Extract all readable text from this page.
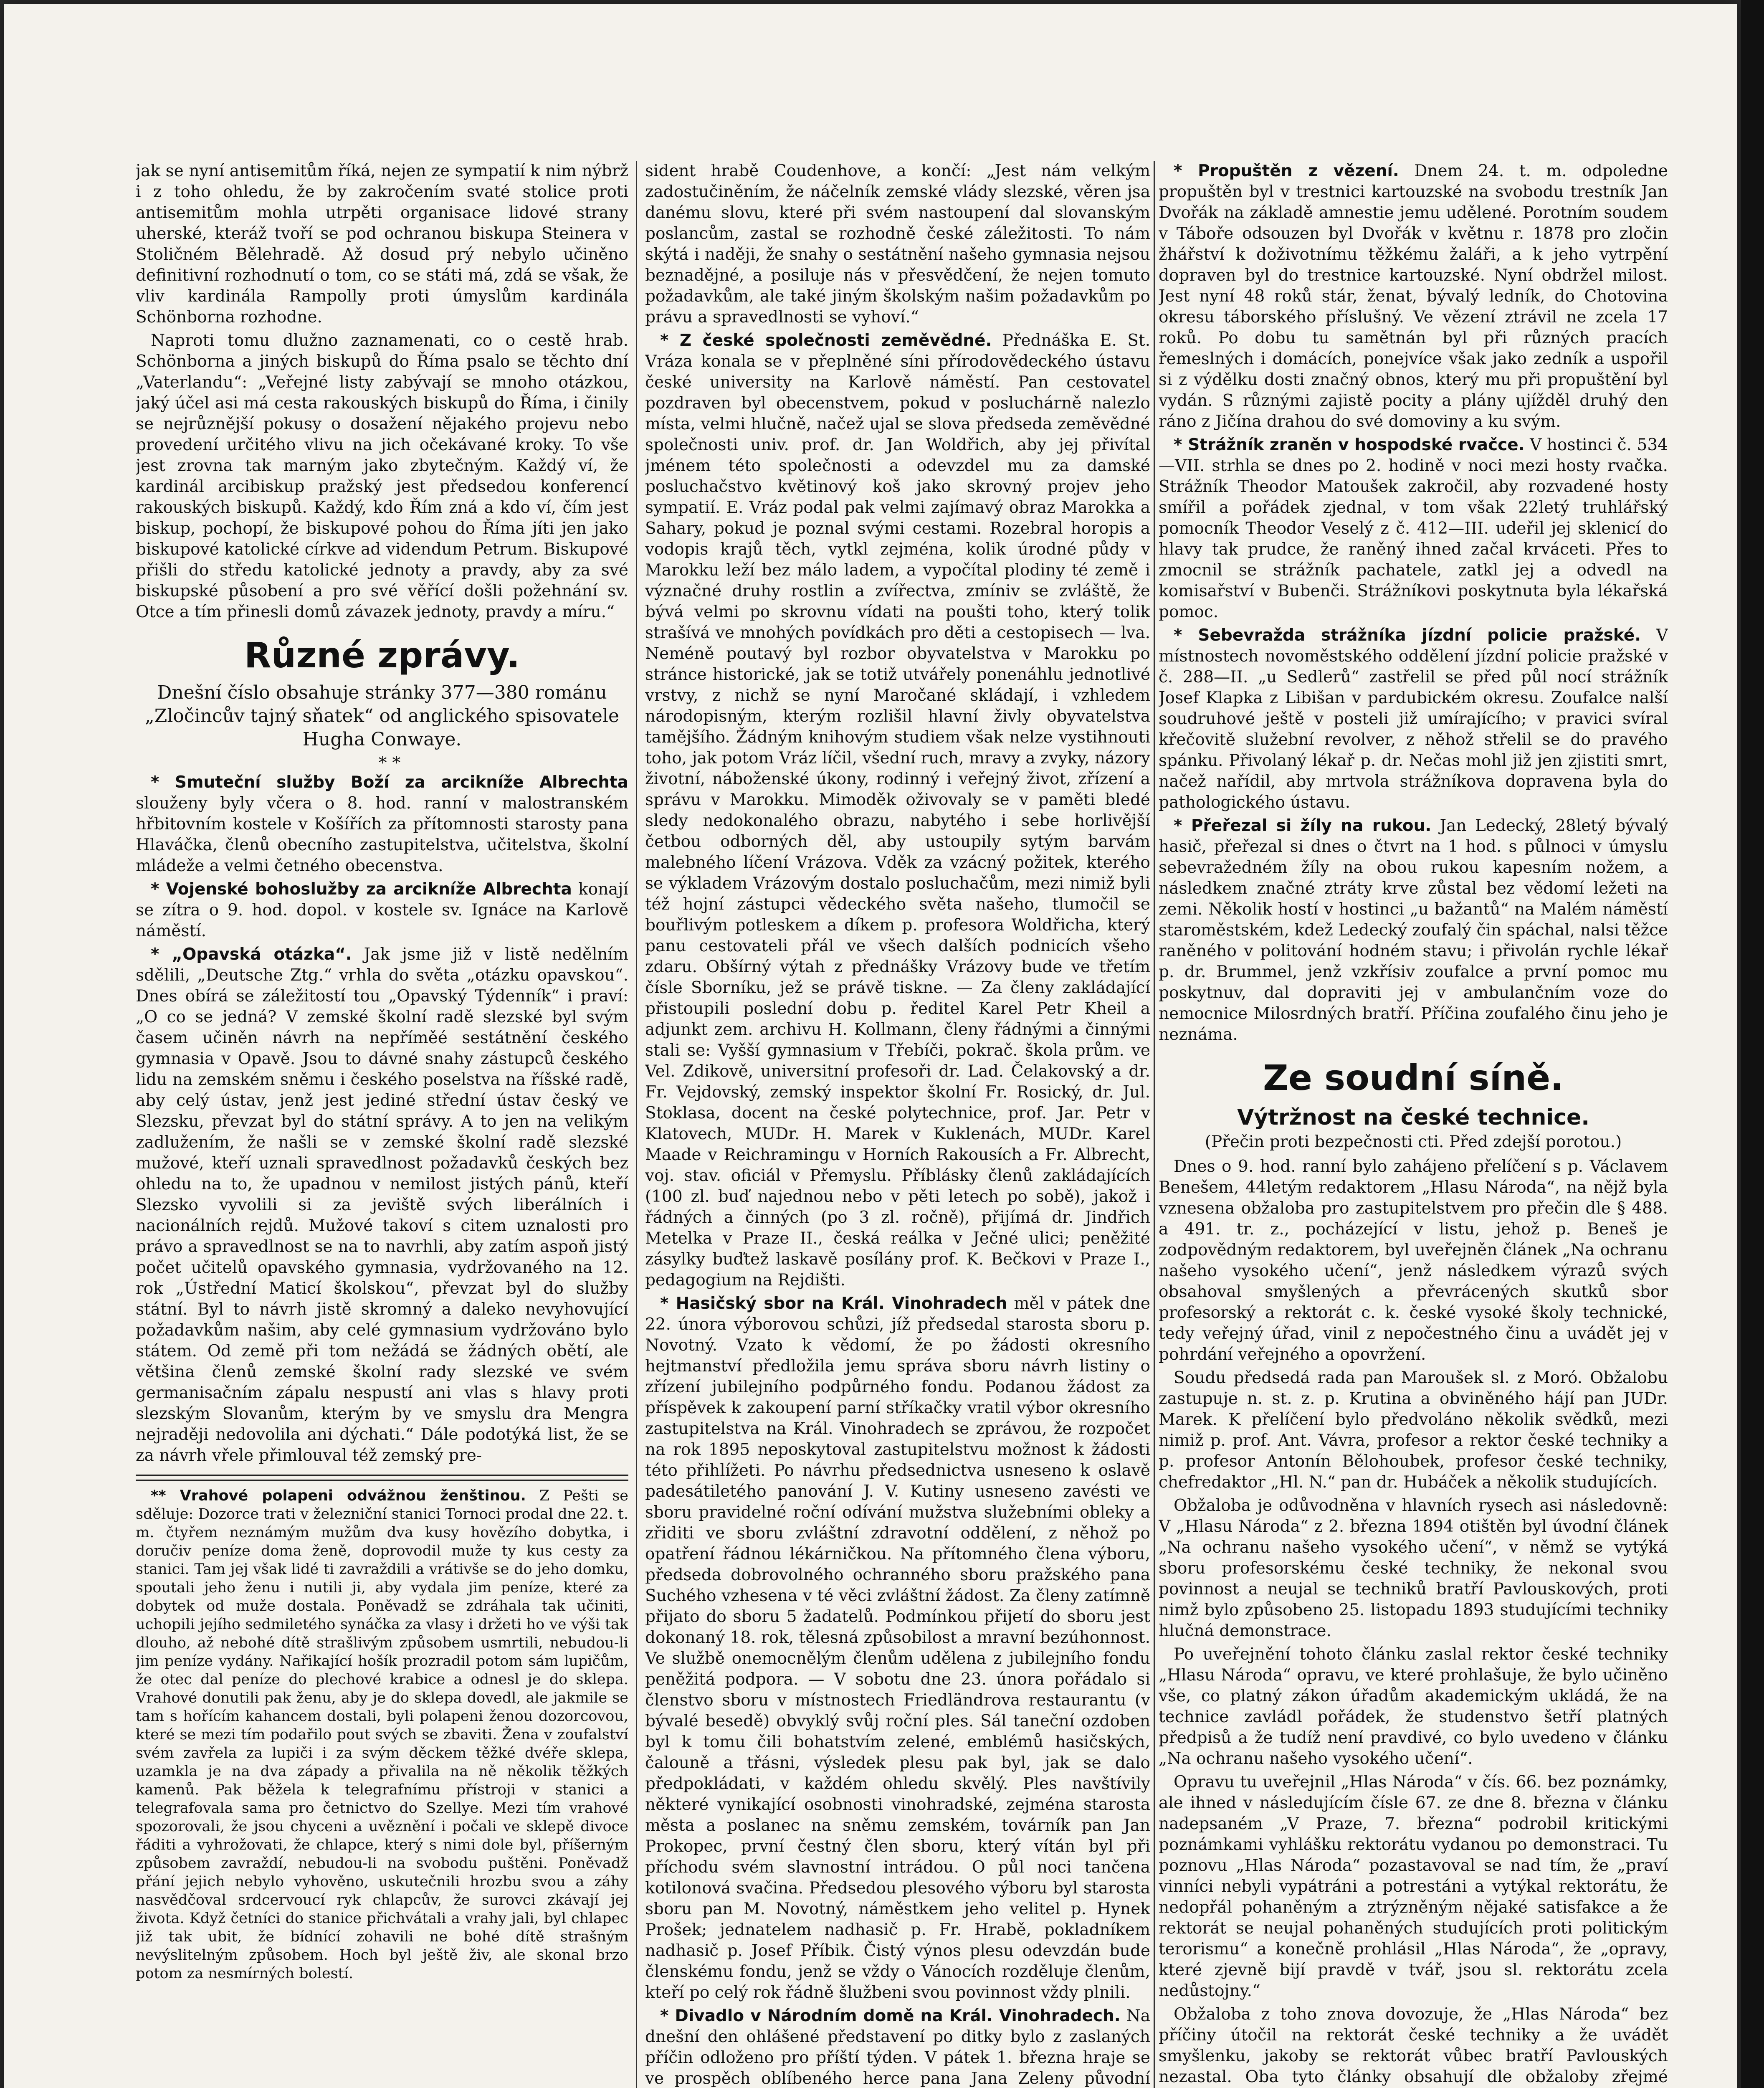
jak se nyní antisemitům říká, nejen ze sympatií k nim nýbrž i z toho ohledu, že by zakročením svaté stolice proti antisemitům mohla utrpěti organisace lidové strany uherské, kteráž tvoří se pod ochranou biskupa Steinera v Stoličném Bělehradě. Až dosud prý nebylo učiněno definitivní rozhodnutí o tom, co se státi má, zdá se však, že vliv kardinála Rampolly proti úmyslům kardinála Schönborna rozhodne.

Naproti tomu dlužno zaznamenati, co o cestě hrab. Schönborna a jiných biskupů do Říma psalo se těchto dní „Vaterlandu“: „Veřejné listy zabývají se mnoho otázkou, jaký účel asi má cesta rakouských biskupů do Říma, i činily se nejrůznější pokusy o dosažení nějakého projevu nebo provedení určitého vlivu na jich očekávané kroky. To vše jest zrovna tak marným jako zbytečným. Každý ví, že kardinál arcibiskup pražský jest předsedou konferencí rakouských biskupů. Každý, kdo Řím zná a kdo ví, čím jest biskup, pochopí, že biskupové pohou do Říma jíti jen jako biskupové katolické církve ad videndum Petrum. Biskupové přišli do středu katolické jednoty a pravdy, aby za své biskupské působení a pro své věřící došli požehnání sv. Otce a tím přinesli domů závazek jednoty, pravdy a míru.“

Různé zprávy.

Dnešní číslo obsahuje stránky 377—380 románu „Zločincův tajný sňatek“ od anglického spisovatele Hugha Conwaye.

* *

* Smuteční služby Boží za arcikníže Albrechta slouženy byly včera o 8. hod. ranní v malostranském hřbitovním kostele v Košířích za přítomnosti starosty pana Hlaváčka, členů obecního zastupitelstva, učitelstva, školní mládeže a velmi četného obecenstva.

* Vojenské bohoslužby za arcikníže Albrechta konají se zítra o 9. hod. dopol. v kostele sv. Ignáce na Karlově náměstí.

* „Opavská otázka“. Jak jsme již v listě nedělním sdělili, „Deutsche Ztg.“ vrhla do světa „otázku opavskou“. Dnes obírá se záležitostí tou „Opavský Týdenník“ i praví: „O co se jedná? V zemské školní radě slezské byl svým časem učiněn návrh na nepříměé sestátnění českého gymnasia v Opavě. Jsou to dávné snahy zástupců českého lidu na zemském sněmu i českého poselstva na říšské radě, aby celý ústav, jenž jest jediné střední ústav český ve Slezsku, převzat byl do státní správy. A to jen na velikým zadlužením, že našli se v zemské školní radě slezské mužové, kteří uznali spravedlnost požadavků českých bez ohledu na to, že upadnou v nemilost jistých pánů, kteří Slezsko vyvolili si za jeviště svých liberálních i nacionálních rejdů. Mužové takoví s citem uznalosti pro právo a spravedlnost se na to navrhli, aby zatím aspoň jistý počet učitelů opavského gymnasia, vydržovaného na 12. rok „Ústřední Maticí školskou“, převzat byl do služby státní. Byl to návrh jistě skromný a daleko nevyhovující požadavkům našim, aby celé gymnasium vydržováno bylo státem. Od země při tom nežádá se žádných obětí, ale většina členů zemské školní rady slezské ve svém germanisačním zápalu nespustí ani vlas s hlavy proti slezským Slovanům, kterým by ve smyslu dra Mengra nejraději nedovolila ani dýchati.“ Dále podotýká list, že se za návrh vřele přimlouval též zemský pre-

** Vrahové polapeni odvážnou ženštinou. Z Pešti se sděluje: Dozorce trati v železniční stanici Tornoci prodal dne 22. t. m. čtyřem neznámým mužům dva kusy hovězího dobytka, i doručiv peníze doma ženě, doprovodil muže ty kus cesty za stanici. Tam jej však lidé ti zavraždili a vrátivše se do jeho domku, spoutali jeho ženu i nutili ji, aby vydala jim peníze, které za dobytek od muže dostala. Poněvadž se zdráhala tak učiniti, uchopili jejího sedmiletého synáčka za vlasy i držeti ho ve výši tak dlouho, až nebohé dítě strašlivým způsobem usmrtili, nebudou-li jim peníze vydány. Nařikající hošík prozradil potom sám lupičům, že otec dal peníze do plechové krabice a odnesl je do sklepa. Vrahové donutili pak ženu, aby je do sklepa dovedl, ale jakmile se tam s hořícím kahancem dostali, byli polapeni ženou dozorcovou, které se mezi tím podařilo pout svých se zbaviti. Žena v zoufalství svém zavřela za lupiči i za svým děckem těžké dvéře sklepa, uzamkla je na dva západy a přivalila na ně několik těžkých kamenů. Pak běžela k telegrafnímu přístroji v stanici a telegrafovala sama pro četnictvo do Szellye. Mezi tím vrahové spozorovali, že jsou chyceni a uvěznění i počali ve sklepě divoce řáditi a vyhrožovati, že chlapce, který s nimi dole byl, příšerným způsobem zavraždí, nebudou-li na svobodu puštěni. Poněvadž přání jejich nebylo vyhověno, uskutečnili hrozbu svou a záhy nasvědčoval srdcervoucí ryk chlapcův, že surovci zkávají jej života. Když četníci do stanice přichvátali a vrahy jali, byl chlapec již tak ubit, že bídnící zohavili ne bohé dítě strašným nevýslitelným způsobem. Hoch byl ještě živ, ale skonal brzo potom za nesmírných bolestí.

sident hrabě Coudenhove, a končí: „Jest nám velkým zadostučiněním, že náčelník zemské vlády slezské, věren jsa danému slovu, které při svém nastoupení dal slovanským poslancům, zastal se rozhodně české záležitosti. To nám skýtá i naději, že snahy o sestátnění našeho gymnasia nejsou beznadějné, a posiluje nás v přesvědčení, že nejen tomuto požadavkům, ale také jiným školským našim požadavkům po právu a spravedlnosti se vyhoví.“

* Z české společnosti zeměvědné. Přednáška E. St. Vráza konala se v přeplněné síni přírodovědeckého ústavu české university na Karlově náměstí. Pan cestovatel pozdraven byl obecenstvem, pokud v posluchárně nalezlo místa, velmi hlučně, načež ujal se slova předseda zeměvědné společnosti univ. prof. dr. Jan Woldřich, aby jej přivítal jménem této společnosti a odevzdel mu za damské posluchačstvo květinový koš jako skrovný projev jeho sympatií. E. Vráz podal pak velmi zajímavý obraz Marokka a Sahary, pokud je poznal svými cestami. Rozebral horopis a vodopis krajů těch, vytkl zejména, kolik úrodné půdy v Marokku leží bez málo ladem, a vypočítal plodiny té země i význačné druhy rostlin a zvířectva, zmíniv se zvláště, že bývá velmi po skrovnu vídati na poušti toho, který tolik strašívá ve mnohých povídkách pro děti a cestopisech — lva. Neméně poutavý byl rozbor obyvatelstva v Marokku po stránce historické, jak se totiž utvářely ponenáhlu jednotlivé vrstvy, z nichž se nyní Maročané skládají, i vzhledem národopisným, kterým rozlišil hlavní živly obyvatelstva tamějšího. Žádným knihovým studiem však nelze vystihnouti toho, jak potom Vráz líčil, všední ruch, mravy a zvyky, názory životní, náboženské úkony, rodinný i veřejný život, zřízení a správu v Marokku. Mimoděk oživovaly se v paměti bledé sledy nedokonalého obrazu, nabytého i sebe horlivější četbou odborných děl, aby ustoupily sytým barvám malebného líčení Vrázova. Vděk za vzácný požitek, kterého se výkladem Vrázovým dostalo posluchačům, mezi nimiž byli též hojní zástupci vědeckého světa našeho, tlumočil se bouřlivým potleskem a díkem p. profesora Woldřicha, který panu cestovateli přál ve všech dalších podnicích všeho zdaru. Obšírný výtah z přednášky Vrázovy bude ve třetím čísle Sborníku, jež se právě tiskne. — Za členy zakládající přistoupili poslední dobu p. ředitel Karel Petr Kheil a adjunkt zem. archivu H. Kollmann, členy řádnými a činnými stali se: Vyšší gymnasium v Třebíči, pokrač. škola prům. ve Vel. Zdikově, universitní profesoři dr. Lad. Čelakovský a dr. Fr. Vejdovský, zemský inspektor školní Fr. Rosický, dr. Jul. Stoklasa, docent na české polytechnice, prof. Jar. Petr v Klatovech, MUDr. H. Marek v Kuklenách, MUDr. Karel Maade v Reichramingu v Horních Rakousích a Fr. Albrecht, voj. stav. oficiál v Přemyslu. Příblásky členů zakládajících (100 zl. buď najednou nebo v pěti letech po sobě), jakož i řádných a činných (po 3 zl. ročně), přijímá dr. Jindřich Metelka v Praze II., česká reálka v Ječné ulici; peněžité zásylky buďtež laskavě posílány prof. K. Bečkovi v Praze I., pedagogium na Rejdišti.

* Hasičský sbor na Král. Vinohradech měl v pátek dne 22. února výborovou schůzi, jíž předsedal starosta sboru p. Novotný. Vzato k vědomí, že po žádosti okresního hejtmanství předložila jemu správa sboru návrh listiny o zřízení jubilejního podpůrného fondu. Podanou žádost za příspěvek k zakoupení parní stříkačky vratil výbor okresního zastupitelstva na Král. Vinohradech se zprávou, že rozpočet na rok 1895 neposkytoval zastupitelstvu možnost k žádosti této přihlížeti. Po návrhu předsednictva usneseno k oslavě padesátiletého panování J. V. Kutiny usneseno zavésti ve sboru pravidelné roční odívání mužstva služebními obleky a zřiditi ve sboru zvláštní zdravotní oddělení, z něhož po opatření řádnou lékárničkou. Na přítomného člena výboru, předseda dobrovolného ochranného sboru pražského pana Suchého vzhesena v té věci zvláštní žádost. Za členy zatímně přijato do sboru 5 žadatelů. Podmínkou přijetí do sboru jest dokonaný 18. rok, tělesná způsobilost a mravní bezúhonnost. Ve službě onemocnělým členům udělena z jubilejního fondu peněžitá podpora. — V sobotu dne 23. února pořádalo si členstvo sboru v místnostech Friedländrova restaurantu (v bývalé besedě) obvyklý svůj roční ples. Sál taneční ozdoben byl k tomu čili bohatstvím zelené, emblémů hasičských, čalouně a třásni, výsledek plesu pak byl, jak se dalo předpokládati, v každém ohledu skvělý. Ples navštívily některé vynikající osobnosti vinohradské, zejména starosta města a poslanec na sněmu zemském, továrník pan Jan Prokopec, první čestný člen sboru, který vítán byl při příchodu svém slavnostní intrádou. O půl noci tančena kotilonová svačina. Předsedou plesového výboru byl starosta sboru pan M. Novotný, náměstkem jeho velitel p. Hynek Prošek; jednatelem nadhasič p. Fr. Hrabě, pokladníkem nadhasič p. Josef Příbik. Čistý výnos plesu odevzdán bude členskému fondu, jenž se vždy o Vánocích rozděluje členům, kteří po celý rok řádně šlužbeni svou povinnost vždy plnili.

* Divadlo v Národním domě na Král. Vinohradech. Na dnešní den ohlášené představení po ditky bylo z zaslaných příčin odloženo pro příští týden. V pátek 1. března hraje se ve prospěch oblíbeného herce pana Jana Zeleny původní

* Propuštěn z vězení. Dnem 24. t. m. odpoledne propuštěn byl v trestnici kartouzské na svobodu trestník Jan Dvořák na základě amnestie jemu udělené. Porotním soudem v Táboře odsouzen byl Dvořák v květnu r. 1878 pro zločin žhářství k doživotnímu těžkému žaláři, a k jeho vytrpění dopraven byl do trestnice kartouzské. Nyní obdržel milost. Jest nyní 48 roků stár, ženat, bývalý ledník, do Chotovina okresu táborského příslušný. Ve vězení ztrávil ne zcela 17 roků. Po dobu tu samětnán byl při různých pracích řemeslných i domácích, ponejvíce však jako zedník a uspořil si z výdělku dosti značný obnos, který mu při propuštění byl vydán. S různými zajistě pocity a plány ujížděl druhý den ráno z Jičína drahou do své domoviny a ku svým.

* Strážník zraněn v hospodské rvačce. V hostinci č. 534—VII. strhla se dnes po 2. hodině v noci mezi hosty rvačka. Strážník Theodor Matoušek zakročil, aby rozvadené hosty smířil a pořádek zjednal, v tom však 22letý truhlářský pomocník Theodor Veselý z č. 412—III. udeřil jej sklenicí do hlavy tak prudce, že raněný ihned začal krváceti. Přes to zmocnil se strážník pachatele, zatkl jej a odvedl na komisařství v Bubenči. Strážníkovi poskytnuta byla lékařská pomoc.

* Sebevražda strážníka jízdní policie pražské. V místnostech novoměstského oddělení jízdní policie pražské v č. 288—II. „u Sedlerů“ zastřelil se před půl nocí strážník Josef Klapka z Libišan v pardubickém okresu. Zoufalce nalší soudruhové ještě v posteli již umírajícího; v pravici svíral křečovitě služební revolver, z něhož střelil se do pravého spánku. Přivolaný lékař p. dr. Nečas mohl již jen zjistiti smrt, načež nařídil, aby mrtvola strážníkova dopravena byla do pathologického ústavu.

* Přeřezal si žíly na rukou. Jan Ledecký, 28letý bývalý hasič, přeřezal si dnes o čtvrt na 1 hod. s půlnoci v úmyslu sebevražedném žíly na obou rukou kapesním nožem, a následkem značné ztráty krve zůstal bez vědomí ležeti na zemi. Několik hostí v hostinci „u bažantů“ na Malém náměstí staroměstském, kdež Ledecký zoufalý čin spáchal, nalsi těžce raněného v politování hodném stavu; i přivolán rychle lékař p. dr. Brummel, jenž vzkřísiv zoufalce a první pomoc mu poskytnuv, dal dopraviti jej v ambulančním voze do nemocnice Milosrdných bratří. Příčina zoufalého činu jeho je neznáma.

Ze soudní síně.
Výtržnost na české technice.
(Přečin proti bezpečnosti cti. Před zdejší porotou.)

Dnes o 9. hod. ranní bylo zahájeno přelíčení s p. Václavem Benešem, 44letým redaktorem „Hlasu Národa“, na nějž byla vznesena obžaloba pro zastupitelstvem pro přečin dle § 488. a 491. tr. z., pocházející v listu, jehož p. Beneš je zodpovědným redaktorem, byl uveřejněn článek „Na ochranu našeho vysokého učení“, jenž následkem výrazů svých obsahoval smyšlených a převrácených skutků sbor profesorský a rektorát c. k. české vysoké školy technické, tedy veřejný úřad, vinil z nepočestného činu a uvádět jej v pohrdání veřejného a opovržení.

Soudu předsedá rada pan Maroušek sl. z Moró. Obžalobu zastupuje n. st. z. p. Krutina a obviněného hájí pan JUDr. Marek. K přelíčení bylo předvoláno několik svědků, mezi nimiž p. prof. Ant. Vávra, profesor a rektor české techniky a p. profesor Antonín Bělohoubek, profesor české techniky, chefredaktor „Hl. N.“ pan dr. Hubáček a několik studujících.

Obžaloba je odůvodněna v hlavních rysech asi následovně: V „Hlasu Národa“ z 2. března 1894 otištěn byl úvodní článek „Na ochranu našeho vysokého učení“, v němž se vytýká sboru profesorskému české techniky, že nekonal svou povinnost a neujal se techniků bratří Pavlouskových, proti nimž bylo způsobeno 25. listopadu 1893 studujícími techniky hlučná demonstrace.

Po uveřejnění tohoto článku zaslal rektor české techniky „Hlasu Národa“ opravu, ve které prohlašuje, že bylo učiněno vše, co platný zákon úřadům akademickým ukládá, že na technice zavládl pořádek, že studenstvo šetří platných předpisů a že tudíž není pravdivé, co bylo uvedeno v článku „Na ochranu našeho vysokého učení“.

Opravu tu uveřejnil „Hlas Národa“ v čís. 66. bez poznámky, ale ihned v následujícím čísle 67. ze dne 8. března v článku nadepsaném „V Praze, 7. března“ podrobil kritickými poznámkami vyhlášku rektorátu vydanou po demonstraci. Tu poznovu „Hlas Národa“ pozastavoval se nad tím, že „praví vinníci nebyli vypátráni a potrestáni a vytýkal rektorátu, že nedopřál pohaněným a ztrýzněným nějaké satisfakce a že rektorát se neujal pohaněných studujících proti politickým terorismu“ a konečně prohlásil „Hlas Národa“, že „opravy, které zjevně bijí pravdě v tvář, jsou sl. rektorátu zcela nedůstojny.“

Obžaloba z toho znova dovozuje, že „Hlas Národa“ bez příčiny útočil na rektorát české techniky a že uvádět smyšlenku, jakoby se rektorát vůbec bratří Pavlouských nezastal. Oba tyto články obsahují dle obžaloby zřejmé
